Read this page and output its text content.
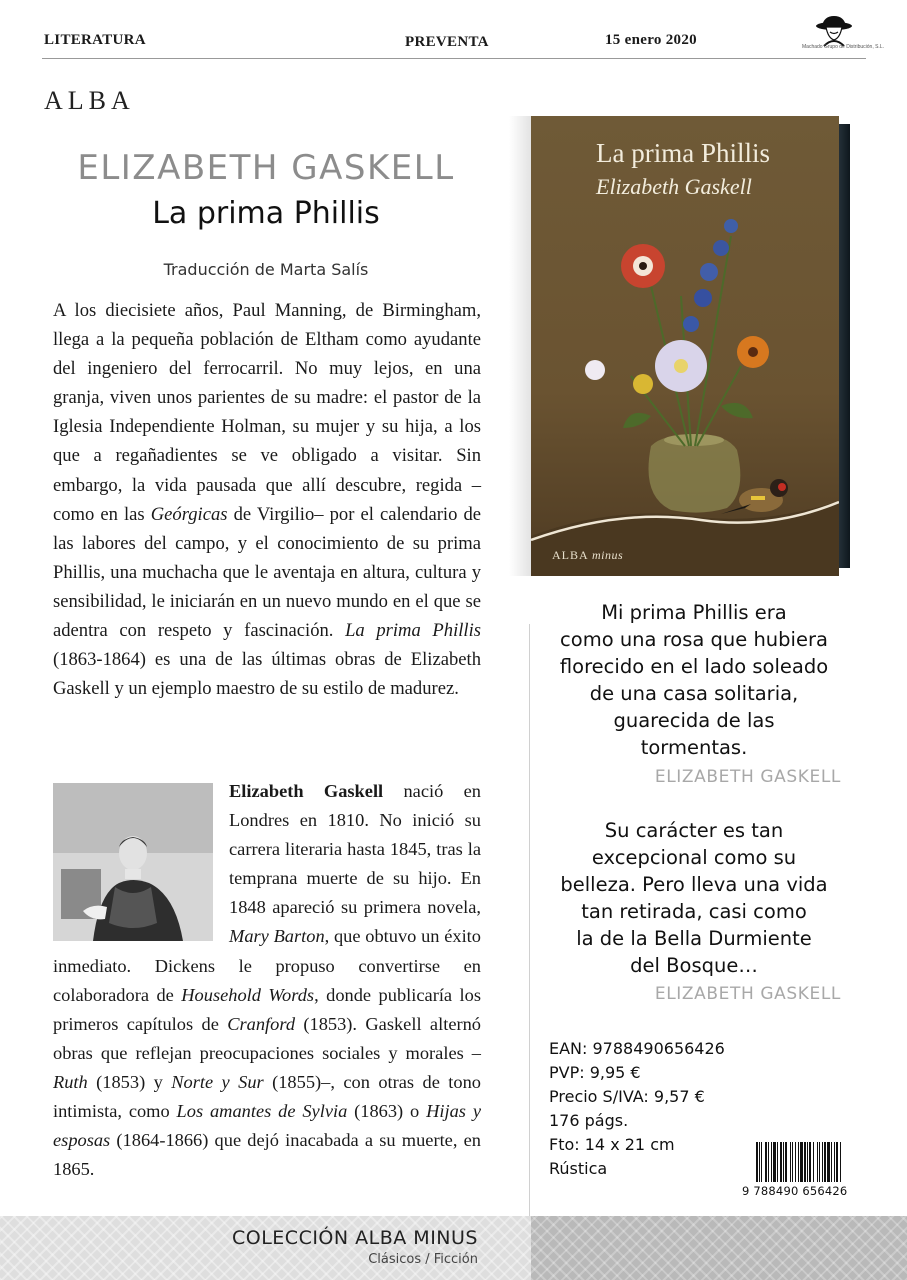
LITERATURA	PREVENTA	15 enero 2020	Machado Grupo de Distribución, S.L.
ALBA
ELIZABETH GASKELL
La prima Phillis
Traducción de Marta Salís

A los diecisiete años, Paul Manning, de Birmingham, llega a la pequeña población de Eltham como ayudante del ingeniero del ferrocarril. No muy lejos, en una granja, viven unos parientes de su madre: el pastor de la Iglesia Independiente Holman, su mujer y su hija, a los que a regañadientes se ve obligado a visitar. Sin embargo, la vida pausada que allí descubre, regida –como en las Geórgicas de Virgilio– por el calendario de las labores del campo, y el conocimiento de su prima Phillis, una muchacha que le aventaja en altura, cultura y sensibilidad, le iniciarán en un nuevo mundo en el que se adentra con respeto y fascinación. La prima Phillis (1863-1864) es una de las últimas obras de Elizabeth Gaskell y un ejemplo maestro de su estilo de madurez.

Elizabeth Gaskell nació en Londres en 1810. No inició su carrera literaria hasta 1845, tras la temprana muerte de su hijo. En 1848 apareció su primera novela, Mary Barton, que obtuvo un éxito inmediato. Dickens le propuso convertirse en colaboradora de Household Words, donde publicaría los primeros capítulos de Cranford (1853). Gaskell alternó obras que reflejan preocupaciones sociales y morales –Ruth (1853) y Norte y Sur (1855)–, con otras de tono intimista, como Los amantes de Sylvia (1863) o Hijas y esposas (1864-1866) que dejó inacabada a su muerte, en 1865.

La prima Phillis
Elizabeth Gaskell
ALBA minus
Mi prima Phillis era
como una rosa que hubiera
florecido en el lado soleado
de una casa solitaria,
guarecida de las
tormentas.
ELIZABETH GASKELL
Su carácter es tan
excepcional como su
belleza. Pero lleva una vida
tan retirada, casi como
la de la Bella Durmiente
del Bosque…
ELIZABETH GASKELL
EAN: 9788490656426
PVP: 9,95 €
Precio S/IVA: 9,57 €
176 págs.
Fto: 14 x 21 cm
Rústica
9 788490 656426
COLECCIÓN ALBA MINUS
Clásicos / Ficción
